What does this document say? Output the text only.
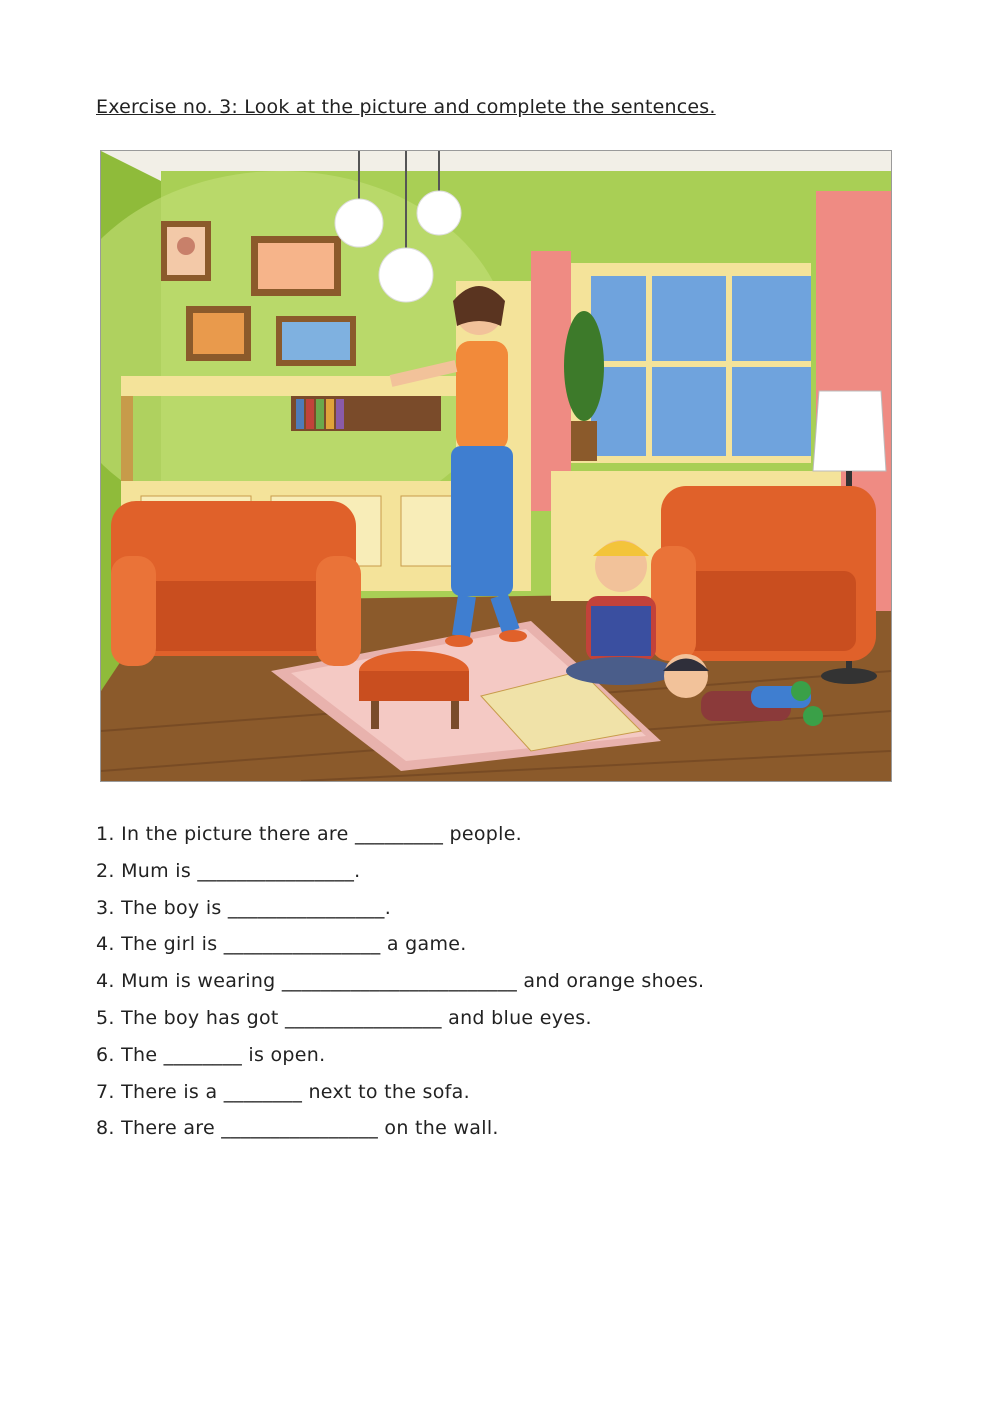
Exercise no. 3: Look at the picture and complete the sentences.
1. In the picture there are _________ people.
2. Mum is ________________.
3. The boy is ________________.
4. The girl is ________________ a game.
4. Mum is wearing ________________________ and orange shoes.
5. The boy has got ________________ and blue eyes.
6. The ________ is open.
7. There is a ________ next to the sofa.
8. There are ________________ on the wall.
